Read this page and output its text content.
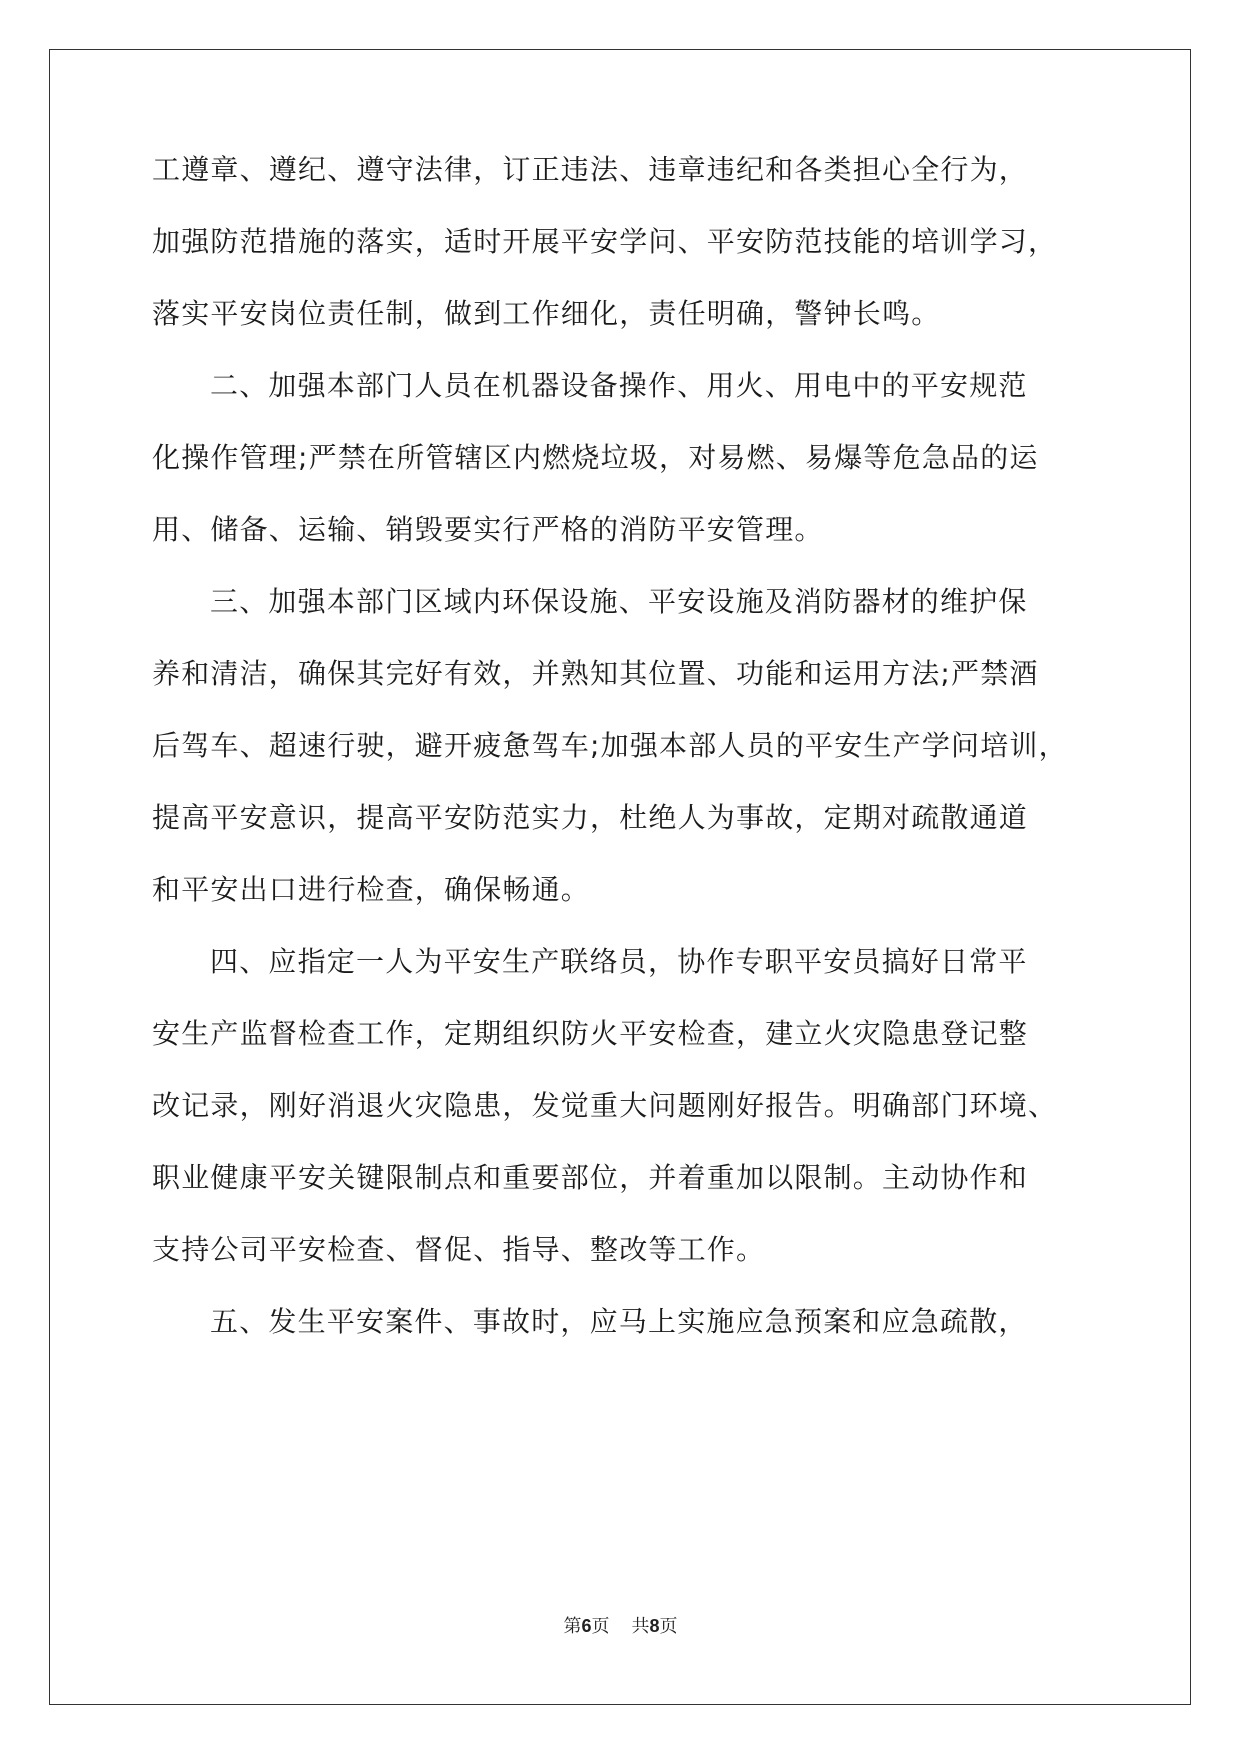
工遵章、遵纪、遵守法律，订正违法、违章违纪和各类担心全行为，
加强防范措施的落实，适时开展平安学问、平安防范技能的培训学习，
落实平安岗位责任制，做到工作细化，责任明确，警钟长鸣。
二、加强本部门人员在机器设备操作、用火、用电中的平安规范
化操作管理;严禁在所管辖区内燃烧垃圾，对易燃、易爆等危急品的运
用、储备、运输、销毁要实行严格的消防平安管理。
三、加强本部门区域内环保设施、平安设施及消防器材的维护保
养和清洁，确保其完好有效，并熟知其位置、功能和运用方法;严禁酒
后驾车、超速行驶，避开疲惫驾车;加强本部人员的平安生产学问培训，
提高平安意识，提高平安防范实力，杜绝人为事故，定期对疏散通道
和平安出口进行检查，确保畅通。
四、应指定一人为平安生产联络员，协作专职平安员搞好日常平
安生产监督检查工作，定期组织防火平安检查，建立火灾隐患登记整
改记录，刚好消退火灾隐患，发觉重大问题刚好报告。明确部门环境、
职业健康平安关键限制点和重要部位，并着重加以限制。主动协作和
支持公司平安检查、督促、指导、整改等工作。
五、发生平安案件、事故时，应马上实施应急预案和应急疏散，
第6页 共8页
